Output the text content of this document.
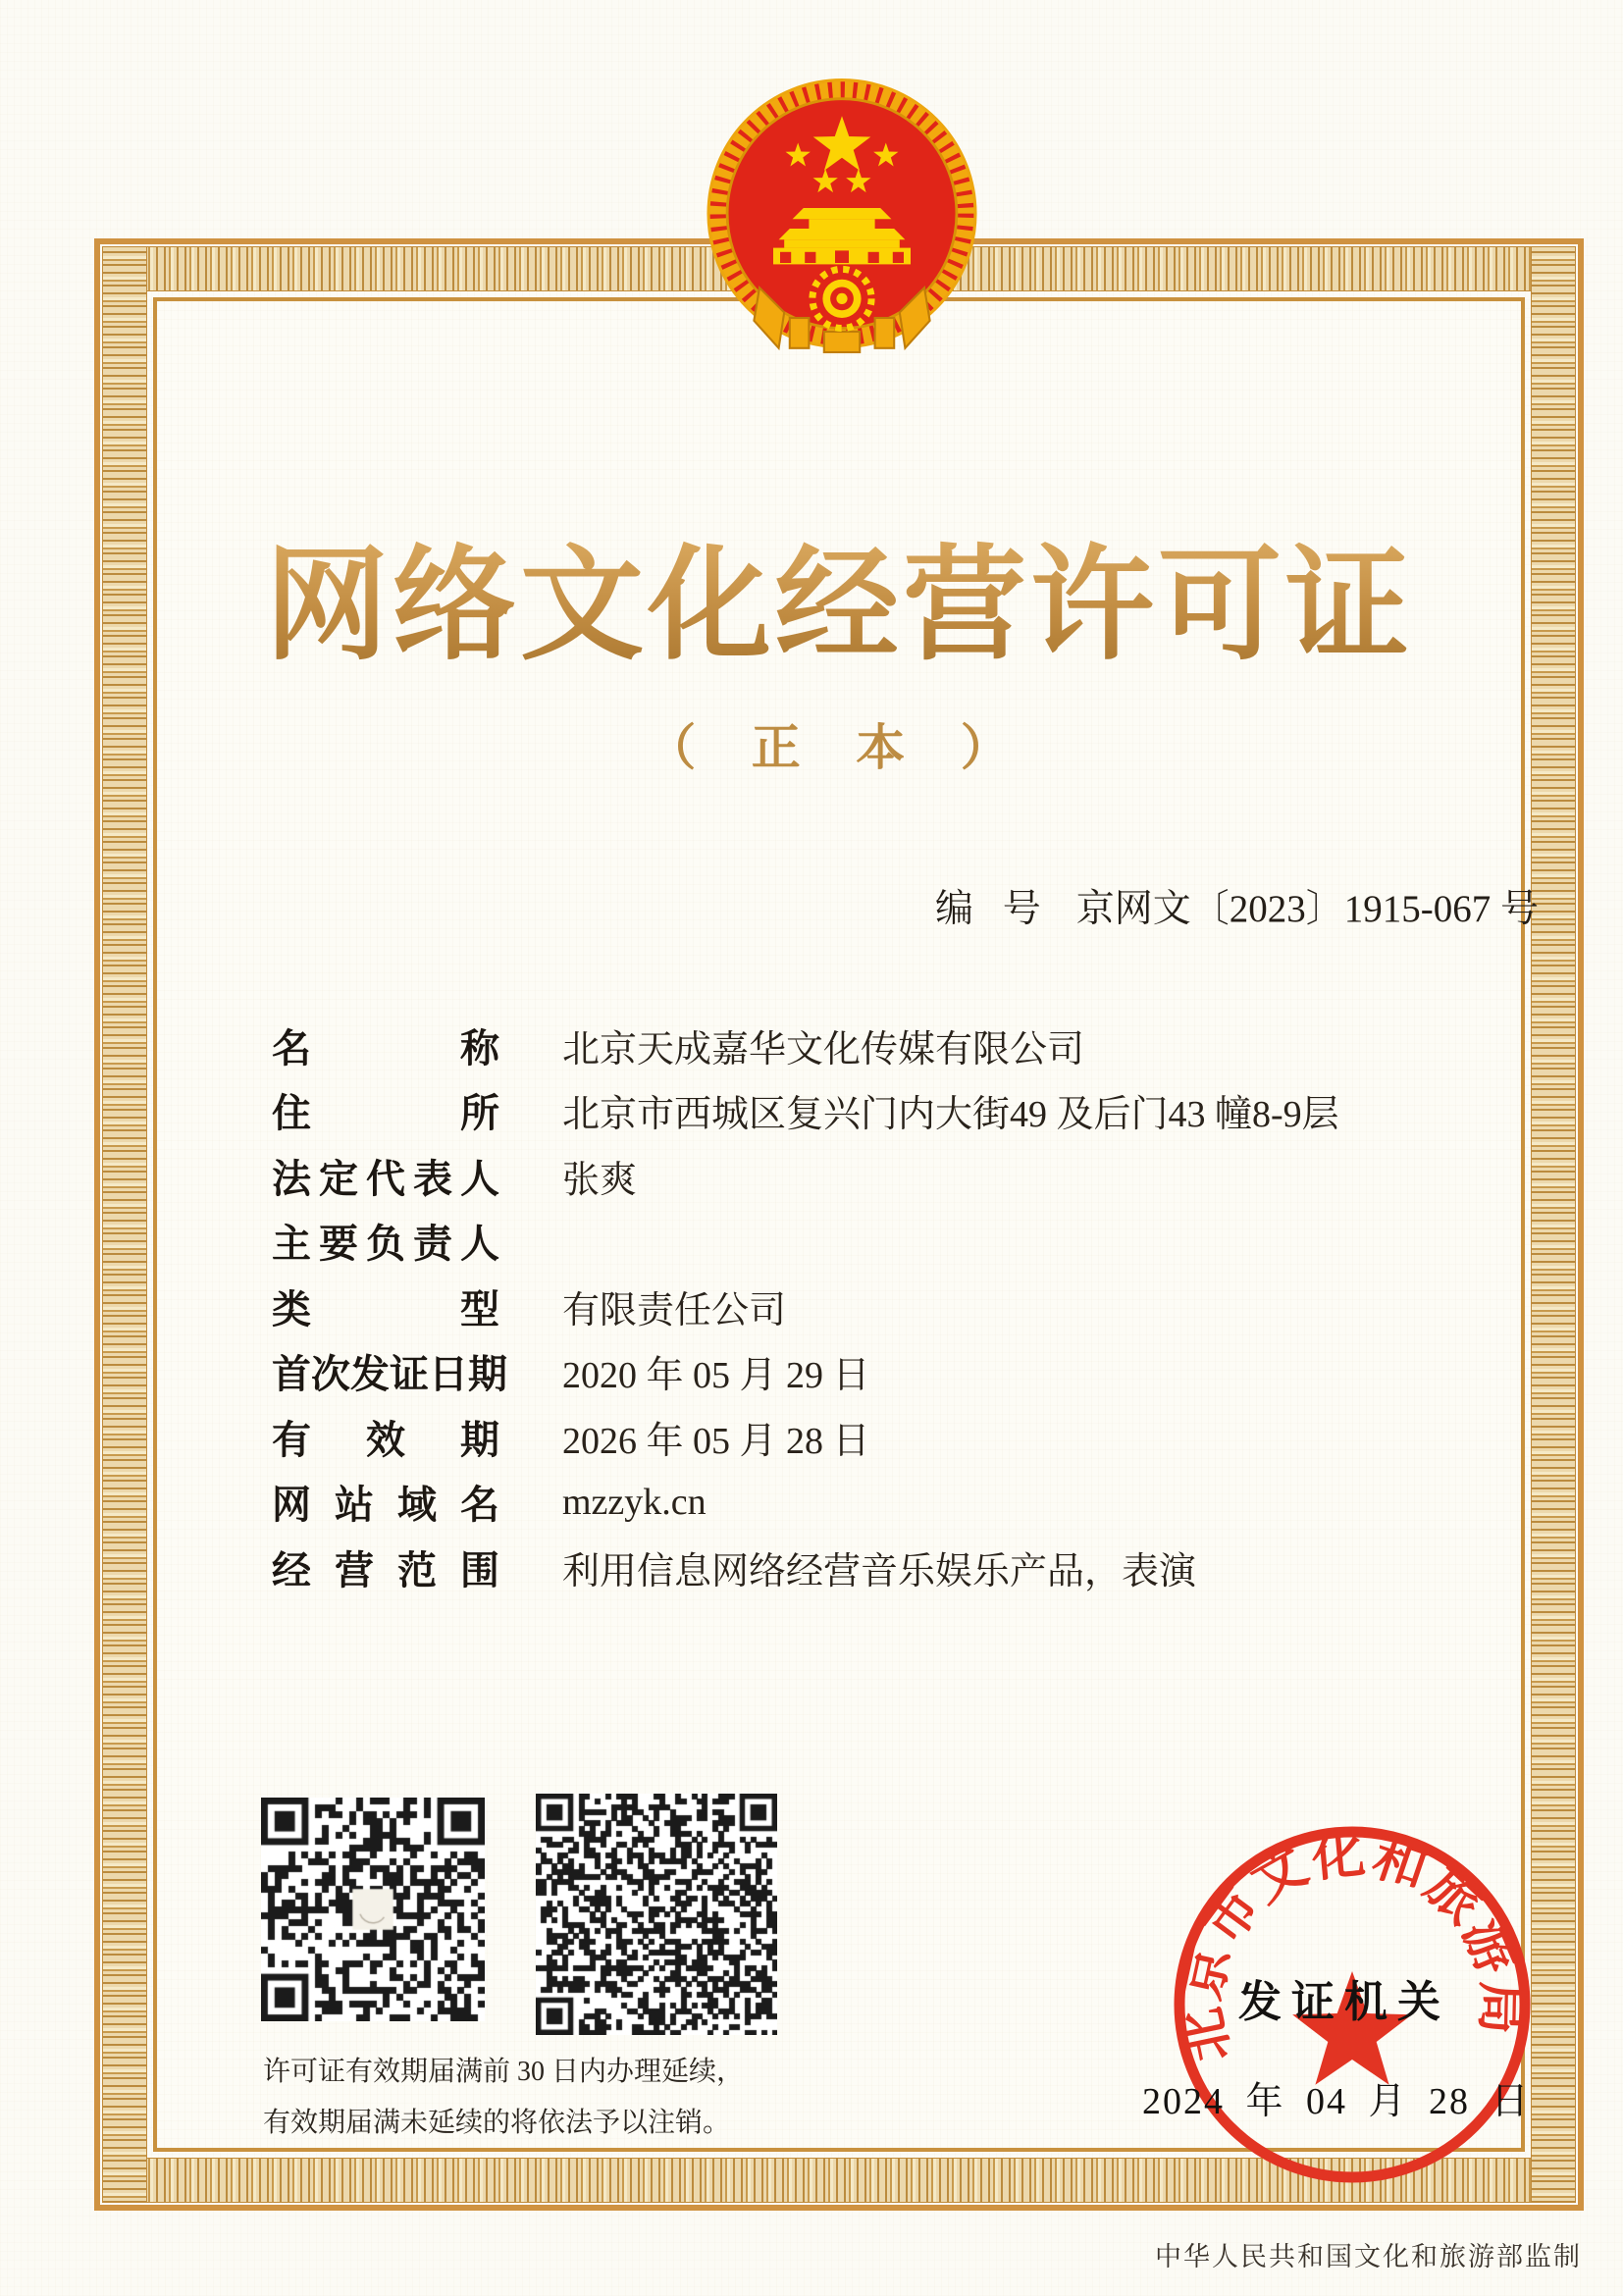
网络文化经营许可证
（ 正 本 ）
编 号 京网文〔2023〕1915-067 号
名	称 北京天成嘉华文化传媒有限公司
住	所 北京市西城区复兴门内大街49 及后门43 幢8-9层
法 定 代 表 人 张爽
主 要 负 责 人
类	型 有限责任公司
首 次 发 证 日 期 2020 年 05 月 29 日
有 效 期 2026 年 05 月 28 日
网 站 域 名 mzzyk.cn
经 营 范 围 利用信息网络经营音乐娱乐产品，表演
许可证有效期届满前 30 日内办理延续，
有效期届满未延续的将依法予以注销。
北京市文化和旅游局
发证机关
2024 年 04 月 28 日
中华人民共和国文化和旅游部监制
